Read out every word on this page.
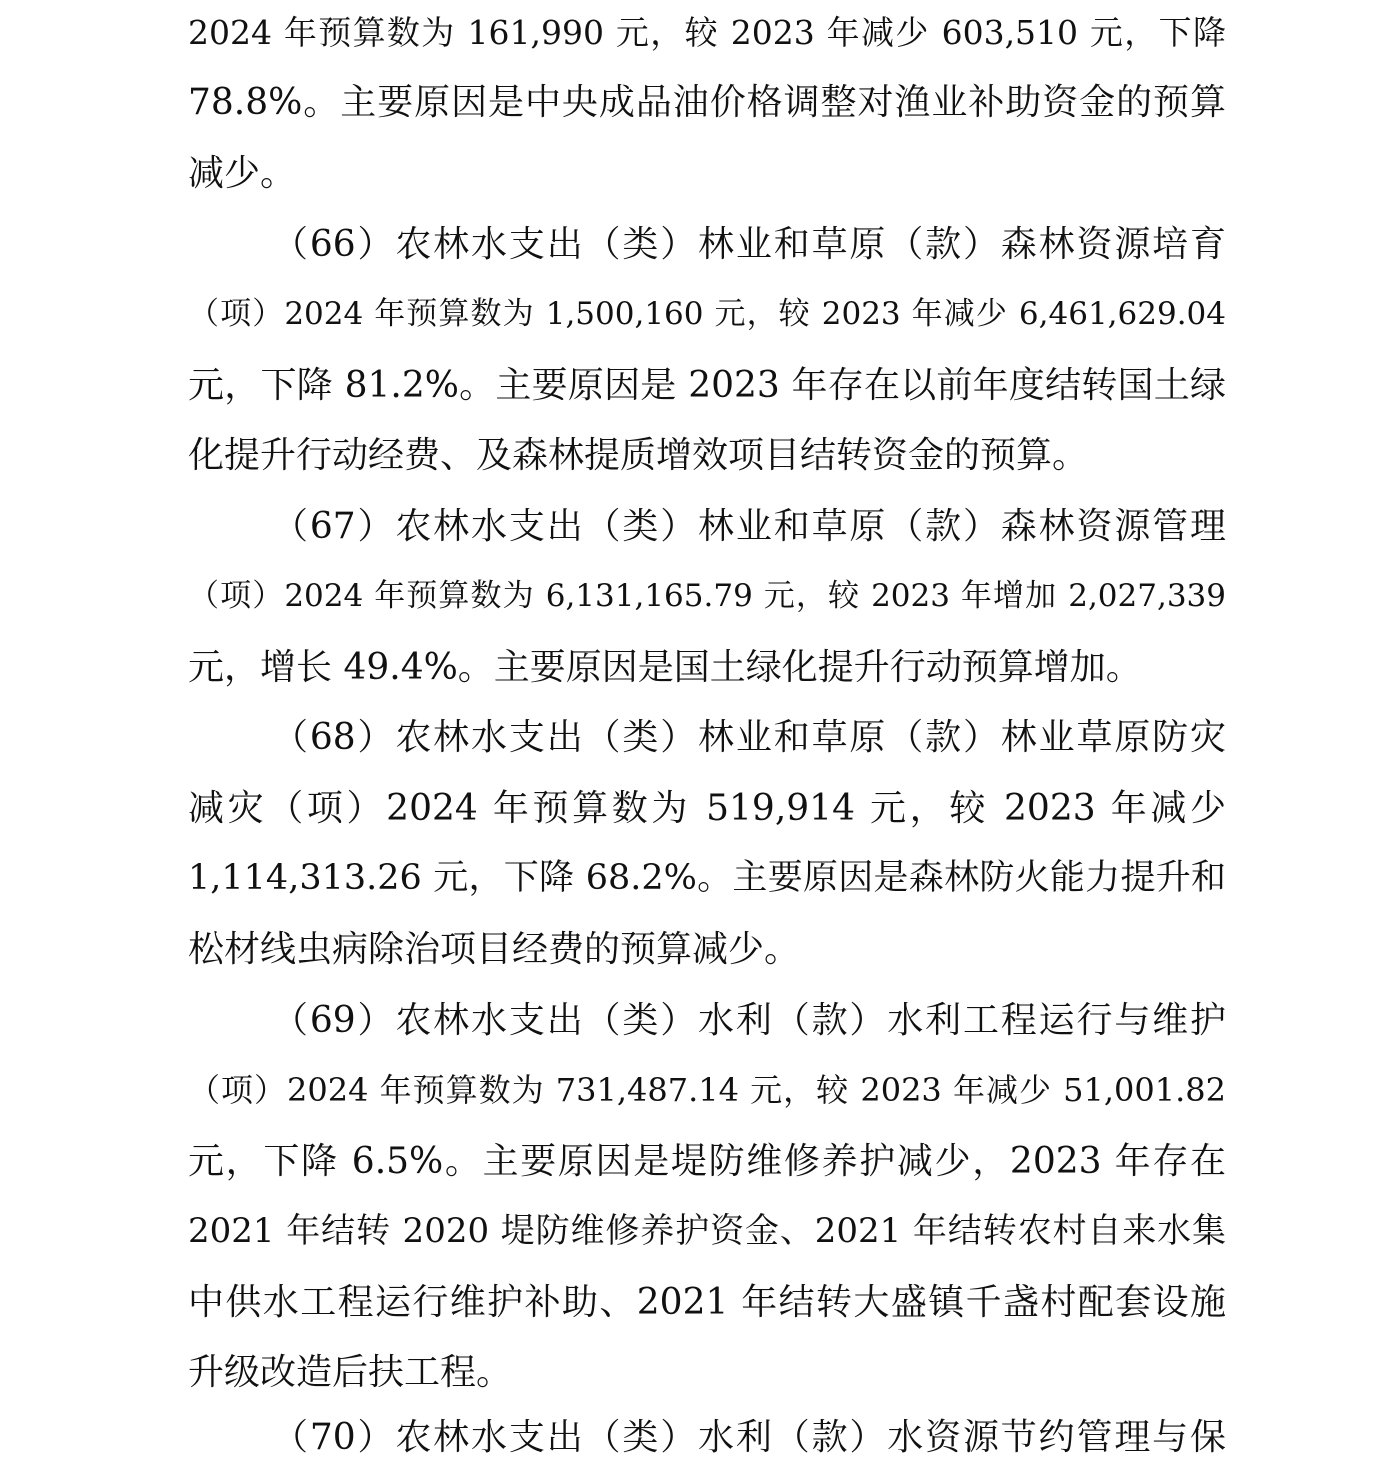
2024 年预算数为 161,990 元，较 2023 年减少 603,510 元，下降
78.8%。主要原因是中央成品油价格调整对渔业补助资金的预算
减少。
（66）农林水支出（类）林业和草原（款）森林资源培育
（项）2024 年预算数为 1,500,160 元，较 2023 年减少 6,461,629.04
元，下降 81.2%。主要原因是 2023 年存在以前年度结转国土绿
化提升行动经费、及森林提质增效项目结转资金的预算。
（67）农林水支出（类）林业和草原（款）森林资源管理
（项）2024 年预算数为 6,131,165.79 元，较 2023 年增加 2,027,339
元，增长 49.4%。主要原因是国土绿化提升行动预算增加。
（68）农林水支出（类）林业和草原（款）林业草原防灾
减灾（项）2024 年预算数为 519,914 元，较 2023 年减少
1,114,313.26 元，下降 68.2%。主要原因是森林防火能力提升和
松材线虫病除治项目经费的预算减少。
（69）农林水支出（类）水利（款）水利工程运行与维护
（项）2024 年预算数为 731,487.14 元，较 2023 年减少 51,001.82
元，下降 6.5%。主要原因是堤防维修养护减少，2023 年存在
2021 年结转 2020 堤防维修养护资金、2021 年结转农村自来水集
中供水工程运行维护补助、2021 年结转大盛镇千盏村配套设施
升级改造后扶工程。
（70）农林水支出（类）水利（款）水资源节约管理与保
